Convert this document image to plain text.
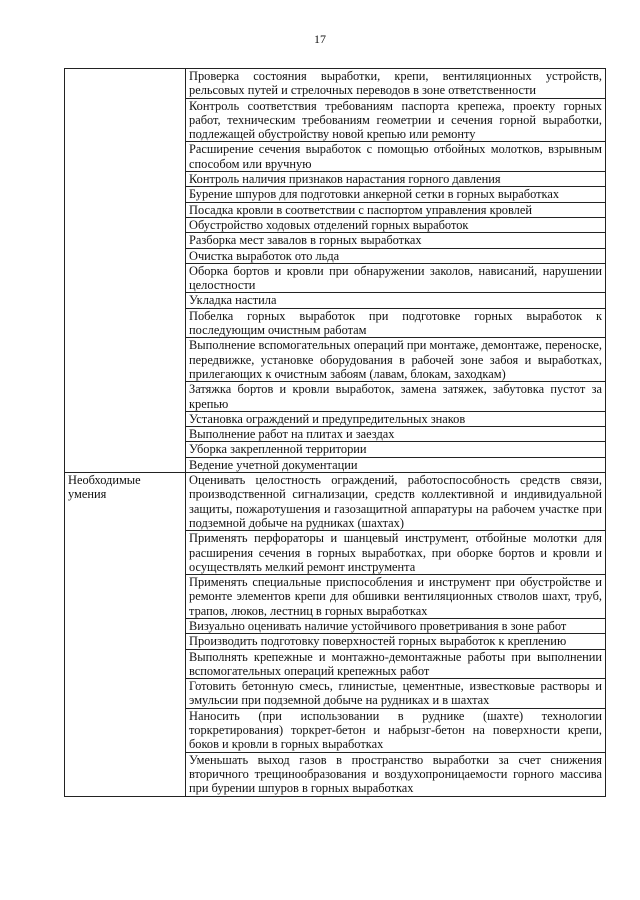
17
	Проверка состояния выработки, крепи, вентиляционных устройств, рельсовых путей и стрелочных переводов в зоне ответственности
	Контроль соответствия требованиям паспорта крепежа, проекту горных работ, техническим требованиям геометрии и сечения горной выработки, подлежащей обустройству новой крепью или ремонту
	Расширение сечения выработок с помощью отбойных молотков, взрывным способом или вручную
	Контроль наличия признаков нарастания горного давления
	Бурение шпуров для подготовки анкерной сетки в горных выработках
	Посадка кровли в соответствии с паспортом управления кровлей
	Обустройство ходовых отделений горных выработок
	Разборка мест завалов в горных выработках
	Очистка выработок ото льда
	Оборка бортов и кровли при обнаружении заколов, нависаний, нарушении целостности
	Укладка настила
	Побелка горных выработок при подготовке горных выработок к последующим очистным работам
	Выполнение вспомогательных операций при монтаже, демонтаже, переноске, передвижке, установке оборудования в рабочей зоне забоя и выработках, прилегающих к очистным забоям (лавам, блокам, заходкам)
	Затяжка бортов и кровли выработок, замена затяжек, забутовка пустот за крепью
	Установка ограждений и предупредительных знаков
	Выполнение работ на плитах и заездах
	Уборка закрепленной территории
	Ведение учетной документации
Необходимые умения	Оценивать целостность ограждений, работоспособность средств связи, производственной сигнализации, средств коллективной и индивидуальной защиты, пожаротушения и газозащитной аппаратуры на рабочем участке при подземной добыче на рудниках (шахтах)
	Применять перфораторы и шанцевый инструмент, отбойные молотки для расширения сечения в горных выработках, при оборке бортов и кровли и осуществлять мелкий ремонт инструмента
	Применять специальные приспособления и инструмент при обустройстве и ремонте элементов крепи для обшивки вентиляционных стволов шахт, труб, трапов, люков, лестниц в горных выработках
	Визуально оценивать наличие устойчивого проветривания в зоне работ
	Производить подготовку поверхностей горных выработок к креплению
	Выполнять крепежные и монтажно-демонтажные работы при выполнении вспомогательных операций крепежных работ
	Готовить бетонную смесь, глинистые, цементные, известковые растворы и эмульсии при подземной добыче на рудниках и в шахтах
	Наносить (при использовании в руднике (шахте) технологии торкретирования) торкрет-бетон и набрызг-бетон на поверхности крепи, боков и кровли в горных выработках
	Уменьшать выход газов в пространство выработки за счет снижения вторичного трещинообразования и воздухопроницаемости горного массива при бурении шпуров в горных выработках
